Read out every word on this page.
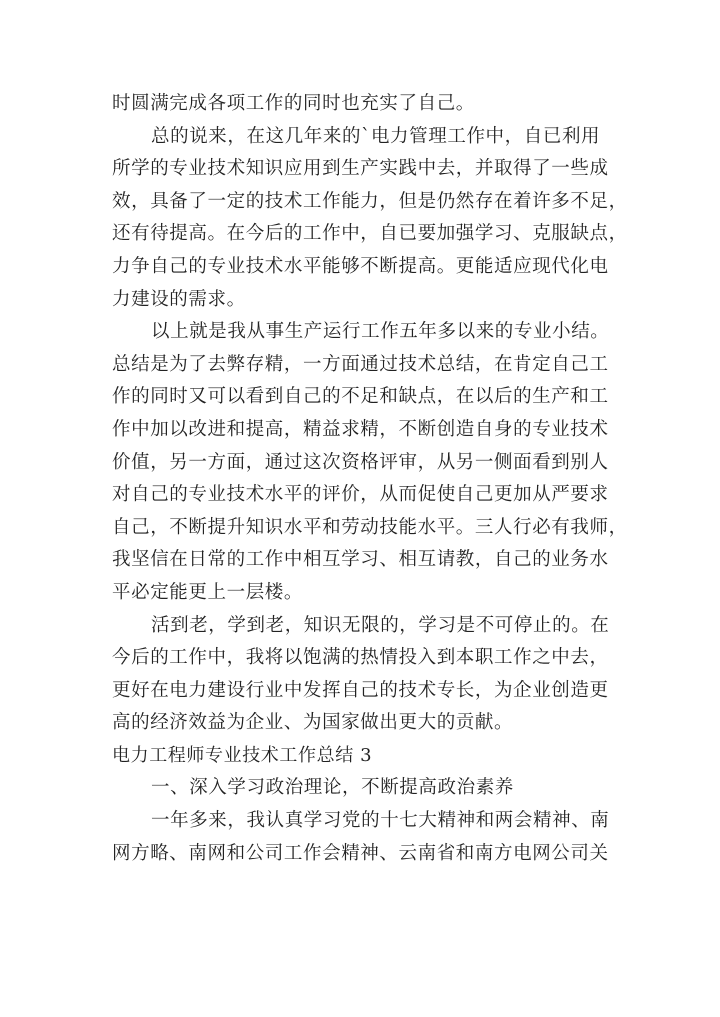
时圆满完成各项工作的同时也充实了自己。
总的说来，在这几年来的`电力管理工作中，自已利用
所学的专业技术知识应用到生产实践中去，并取得了一些成
效，具备了一定的技术工作能力，但是仍然存在着许多不足，
还有待提高。在今后的工作中，自已要加强学习、克服缺点，
力争自己的专业技术水平能够不断提高。更能适应现代化电
力建设的需求。
以上就是我从事生产运行工作五年多以来的专业小结。
总结是为了去弊存精，一方面通过技术总结，在肯定自己工
作的同时又可以看到自己的不足和缺点，在以后的生产和工
作中加以改进和提高，精益求精，不断创造自身的专业技术
价值，另一方面，通过这次资格评审，从另一侧面看到别人
对自己的专业技术水平的评价，从而促使自己更加从严要求
自己，不断提升知识水平和劳动技能水平。三人行必有我师，
我坚信在日常的工作中相互学习、相互请教，自己的业务水
平必定能更上一层楼。
活到老，学到老，知识无限的，学习是不可停止的。在
今后的工作中，我将以饱满的热情投入到本职工作之中去，
更好在电力建设行业中发挥自己的技术专长，为企业创造更
高的经济效益为企业、为国家做出更大的贡献。
电力工程师专业技术工作总结 3
一、深入学习政治理论，不断提高政治素养
一年多来，我认真学习党的十七大精神和两会精神、南
网方略、南网和公司工作会精神、云南省和南方电网公司关
